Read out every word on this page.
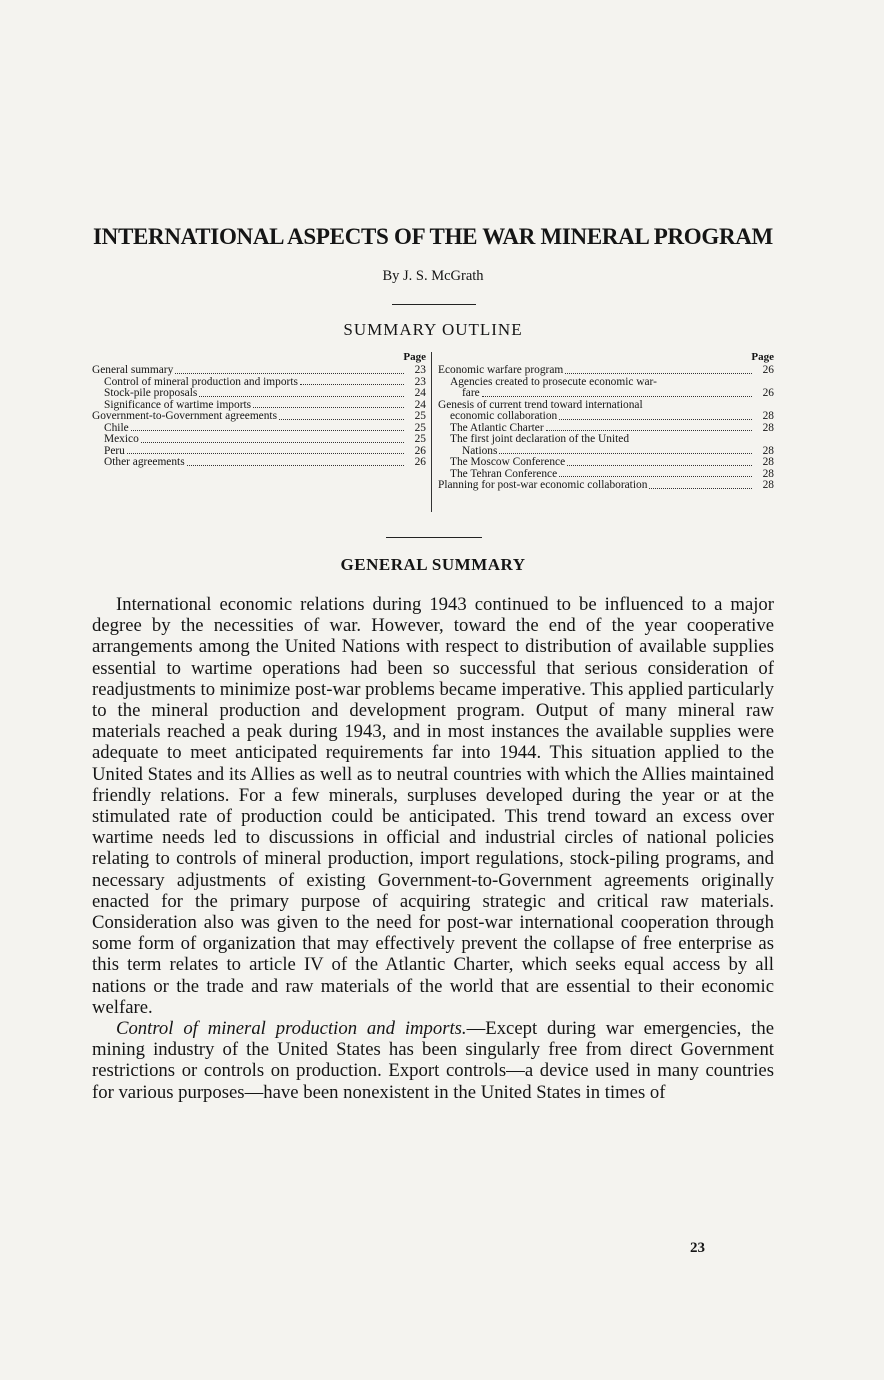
INTERNATIONAL ASPECTS OF THE WAR MINERAL PROGRAM
By J. S. McGrath
SUMMARY OUTLINE
Page
General summary	23
Control of mineral production and imports	23
Stock-pile proposals	24
Significance of wartime imports	24
Government-to-Government agreements	25
Chile	25
Mexico	25
Peru	26
Other agreements	26
Page
Economic warfare program	26
Agencies created to prosecute economic war-
fare	26
Genesis of current trend toward international
economic collaboration	28
The Atlantic Charter	28
The first joint declaration of the United
Nations	28
The Moscow Conference	28
The Tehran Conference	28
Planning for post-war economic collaboration	28
GENERAL SUMMARY

International economic relations during 1943 continued to be influenced to a major degree by the necessities of war. However, toward the end of the year cooperative arrangements among the United Nations with respect to distribution of available supplies essential to wartime operations had been so successful that serious consideration of readjustments to minimize post-war problems became imperative. This applied particularly to the mineral production and development program. Output of many mineral raw materials reached a peak during 1943, and in most instances the available supplies were adequate to meet anticipated requirements far into 1944. This situation applied to the United States and its Allies as well as to neutral countries with which the Allies maintained friendly relations. For a few minerals, surpluses developed during the year or at the stimulated rate of production could be anticipated. This trend toward an excess over wartime needs led to discussions in official and industrial circles of national policies relating to controls of mineral production, import regulations, stock-piling programs, and necessary adjustments of existing Government-to-Government agreements originally enacted for the primary purpose of acquiring strategic and critical raw materials. Consideration also was given to the need for post-war international cooperation through some form of organization that may effectively prevent the collapse of free enterprise as this term relates to article IV of the Atlantic Charter, which seeks equal access by all nations or the trade and raw materials of the world that are essential to their economic welfare.

Control of mineral production and imports.—Except during war emergencies, the mining industry of the United States has been singularly free from direct Government restrictions or controls on production. Export controls—a device used in many countries for various purposes—have been nonexistent in the United States in times of

23
